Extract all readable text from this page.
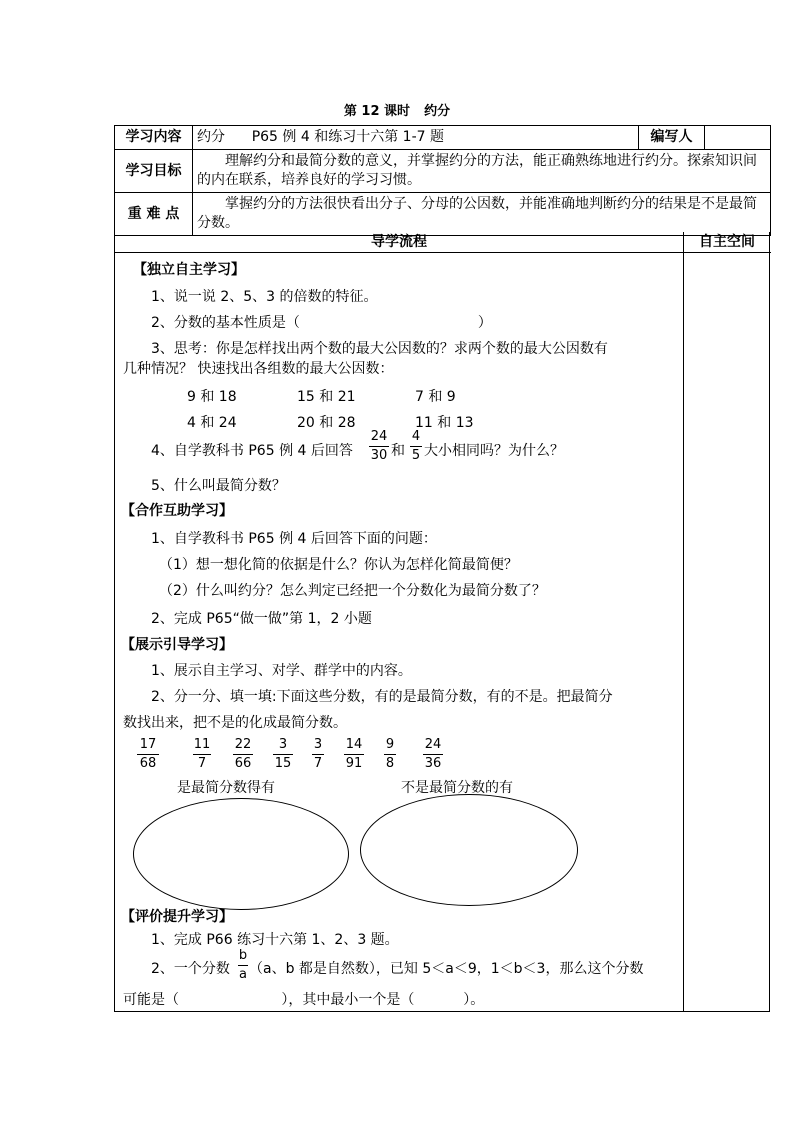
第 12 课时 约分
学习内容	约分      P65 例 4 和练习十六第 1-7 题	编写人	
学习目标	理解约分和最简分数的意义，并掌握约分的方法，能正确熟练地进行约分。探索知识间的内在联系，培养良好的学习习惯。		
重 难 点	掌握约分的方法很快看出分子、分母的公因数，并能准确地判断约分的结果是不是最简分数。		
导学流程	自主空间
【独立自主学习】
1、说一说 2、5、3 的倍数的特征。
2、分数的基本性质是（                                        ）
3、思考：你是怎样找出两个数的最大公因数的？求两个数的最大公因数有
几种情况？ 快速找出各组数的最大公因数：
9 和 18	15 和 21	7 和 9
4 和 24	20 和 28	11 和 13
4、自学教科书 P65 例 4 后回答
24
30 和
4
5 大小相同吗？为什么？
5、什么叫最简分数？
【合作互助学习】
1、自学教科书 P65 例 4 后回答下面的问题：
（1）想一想化简的依据是什么？你认为怎样化简最简便？
（2）什么叫约分？怎么判定已经把一个分数化为最简分数了？
2、完成 P65“做一做”第 1，2 小题
【展示引导学习】
1、展示自主学习、对学、群学中的内容。
2、分一分、填一填:下面这些分数，有的是最简分数，有的不是。把最简分
数找出来，把不是的化成最简分数。
17
68
11
7
22
66
3
15
3
7
14
91
9
8
24
36
是最简分数得有	不是最简分数的有
【评价提升学习】
1、完成 P66 练习十六第 1、2、3 题。
2、一个分数
b
a （a、b 都是自然数），已知 5＜a＜9，1＜b＜3，那么这个分数
可能是（                       ），其中最小一个是（           ）。
